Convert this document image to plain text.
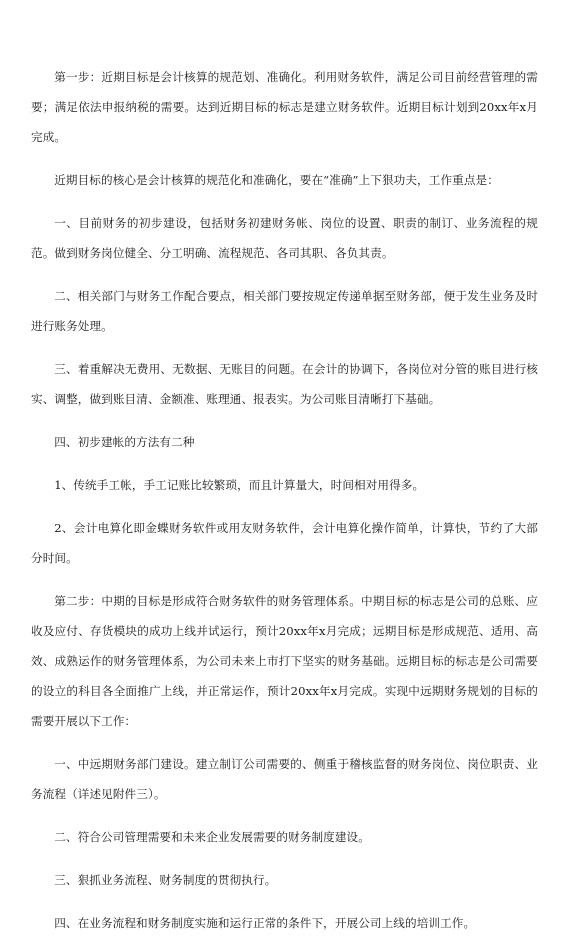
第一步：近期目标是会计核算的规范划、准确化。利用财务软件，满足公司目前经营管理的需要；满足依法申报纳税的需要。达到近期目标的标志是建立财务软件。近期目标计划到20xx年x月完成。

近期目标的核心是会计核算的规范化和准确化，要在“准确”上下狠功夫，工作重点是：

一、目前财务的初步建设，包括财务初建财务帐、岗位的设置、职责的制订、业务流程的规范。做到财务岗位健全、分工明确、流程规范、各司其职、各负其责。

二、相关部门与财务工作配合要点，相关部门要按规定传递单据至财务部，便于发生业务及时进行账务处理。

三、着重解决无费用、无数据、无账目的问题。在会计的协调下，各岗位对分管的账目进行核实、调整，做到账目清、金额准、账理通、报表实。为公司账目清晰打下基础。

四、初步建帐的方法有二种

1、传统手工帐，手工记账比较繁琐，而且计算量大，时间相对用得多。

2、会计电算化即金蝶财务软件或用友财务软件，会计电算化操作简单，计算快，节约了大部分时间。

第二步：中期的目标是形成符合财务软件的财务管理体系。中期目标的标志是公司的总账、应收及应付、存货模块的成功上线并试运行，预计20xx年x月完成；远期目标是形成规范、适用、高效、成熟运作的财务管理体系，为公司未来上市打下坚实的财务基础。远期目标的标志是公司需要的设立的科目各全面推广上线，并正常运作，预计20xx年x月完成。实现中远期财务规划的目标的需要开展以下工作：

一、中远期财务部门建设。建立制订公司需要的、侧重于稽核监督的财务岗位、岗位职责、业务流程（详述见附件三）。

二、符合公司管理需要和未来企业发展需要的财务制度建设。

三、狠抓业务流程、财务制度的贯彻执行。

四、在业务流程和财务制度实施和运行正常的条件下，开展公司上线的培训工作。
